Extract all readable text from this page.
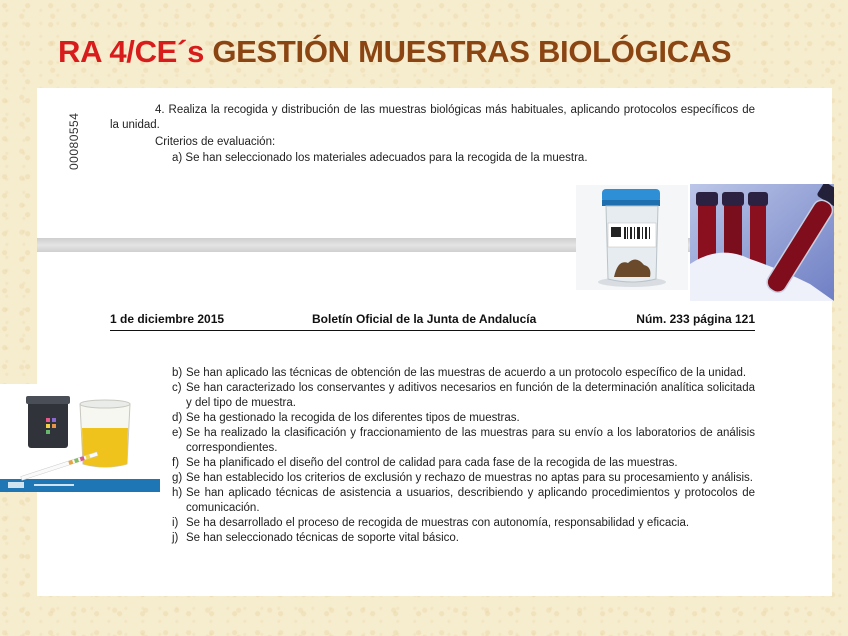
RA 4/CE´s GESTIÓN MUESTRAS BIOLÓGICAS
00080554
4. Realiza la recogida y distribución de las muestras biológicas más habituales, aplicando protocolos específicos de la unidad.
Criterios de evaluación:
a) Se han seleccionado los materiales adecuados para la recogida de la muestra.
1 de diciembre 2015	Boletín Oficial de la Junta de Andalucía	Núm. 233 página 121

b) Se han aplicado las técnicas de obtención de las muestras de acuerdo a un protocolo específico de la unidad.

c) Se han caracterizado los conservantes y aditivos necesarios en función de la determinación analítica solicitada y del tipo de muestra.

d) Se ha gestionado la recogida de los diferentes tipos de muestras.

e) Se ha realizado la clasificación y fraccionamiento de las muestras para su envío a los laboratorios de análisis correspondientes.

f) Se ha planificado el diseño del control de calidad para cada fase de la recogida de las muestras.

g) Se han establecido los criterios de exclusión y rechazo de muestras no aptas para su procesamiento y análisis.

h) Se han aplicado técnicas de asistencia a usuarios, describiendo y aplicando procedimientos y protocolos de comunicación.

i) Se ha desarrollado el proceso de recogida de muestras con autonomía, responsabilidad y eficacia.

j) Se han seleccionado técnicas de soporte vital básico.
